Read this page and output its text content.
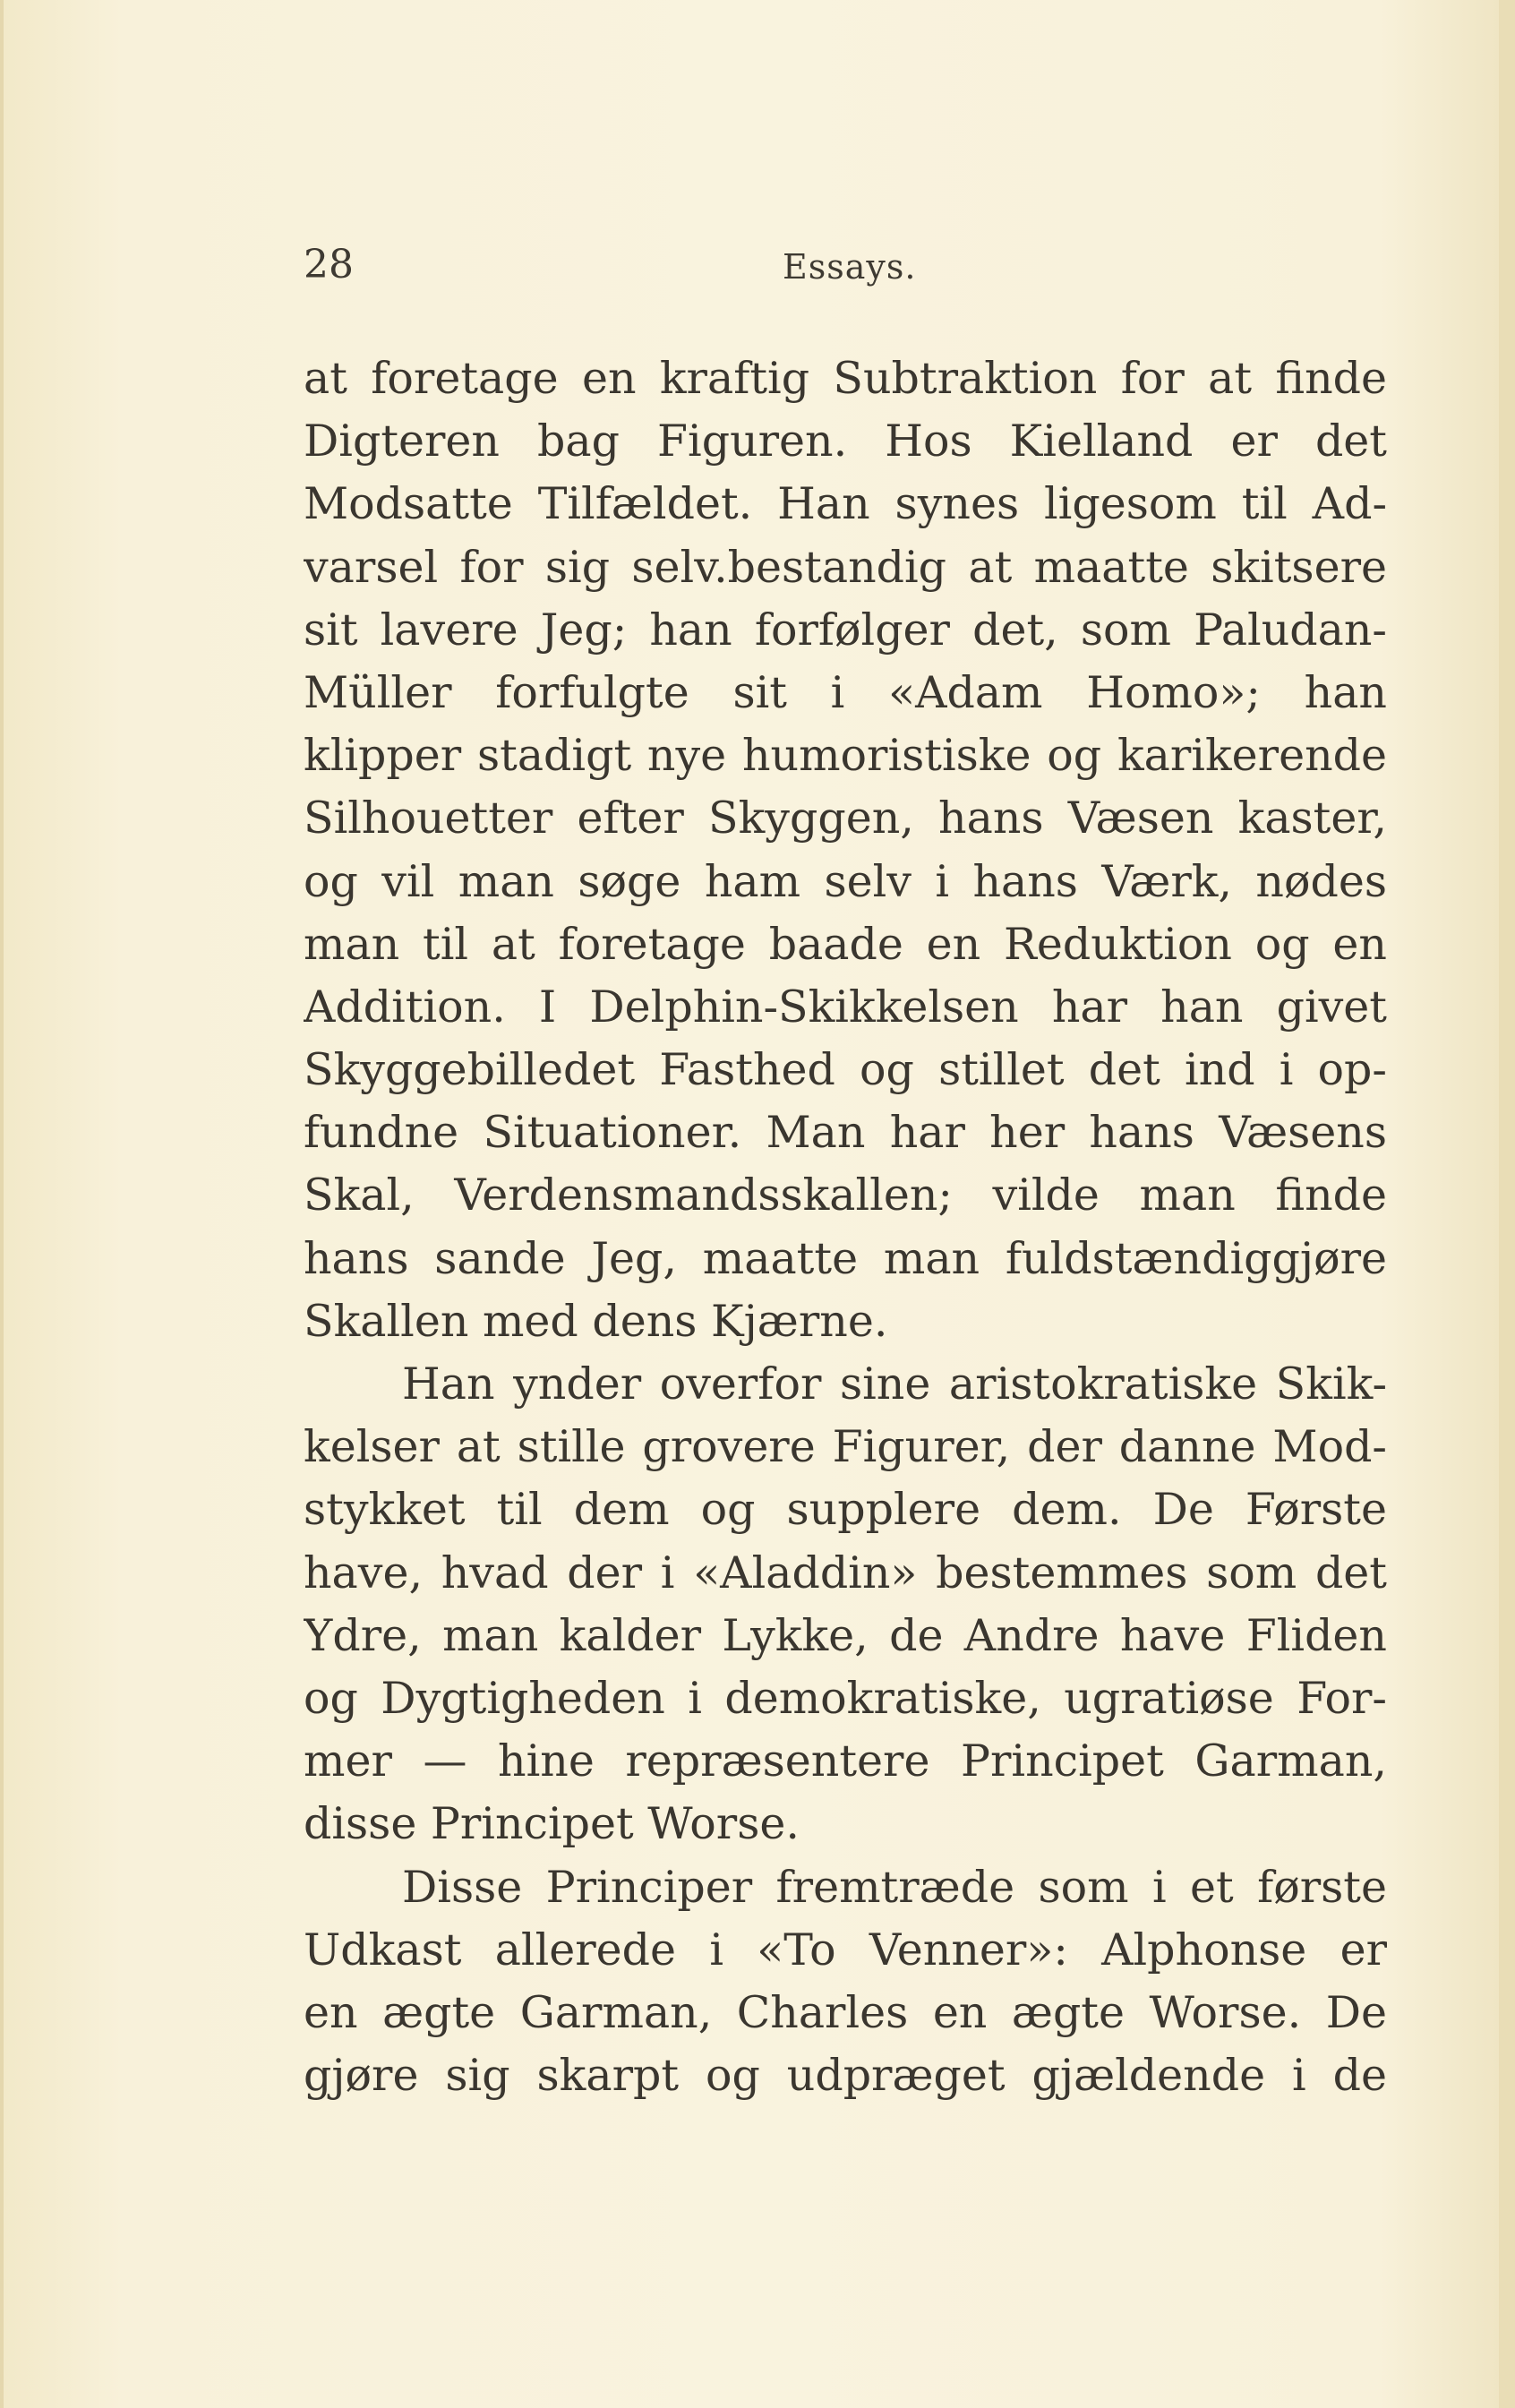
28	Essays.
at foretage en kraftig Subtraktion for at finde
Digteren bag Figuren. Hos Kielland er det
Modsatte Tilfældet. Han synes ligesom til Ad-
varsel for sig selv.bestandig at maatte skitsere
sit lavere Jeg; han forfølger det, som Paludan-
Müller forfulgte sit i «Adam Homo»; han
klipper stadigt nye humoristiske og karikerende
Silhouetter efter Skyggen, hans Væsen kaster,
og vil man søge ham selv i hans Værk, nødes
man til at foretage baade en Reduktion og en
Addition. I Delphin-Skikkelsen har han givet
Skyggebilledet Fasthed og stillet det ind i op-
fundne Situationer. Man har her hans Væsens
Skal, Verdensmandsskallen; vilde man finde
hans sande Jeg, maatte man fuldstændiggjøre
Skallen med dens Kjærne.
Han ynder overfor sine aristokratiske Skik-
kelser at stille grovere Figurer, der danne Mod-
stykket til dem og supplere dem. De Første
have, hvad der i «Aladdin» bestemmes som det
Ydre, man kalder Lykke, de Andre have Fliden
og Dygtigheden i demokratiske, ugratiøse For-
mer — hine repræsentere Principet Garman,
disse Principet Worse.
Disse Principer fremtræde som i et første
Udkast allerede i «To Venner»: Alphonse er
en ægte Garman, Charles en ægte Worse. De
gjøre sig skarpt og udpræget gjældende i de
